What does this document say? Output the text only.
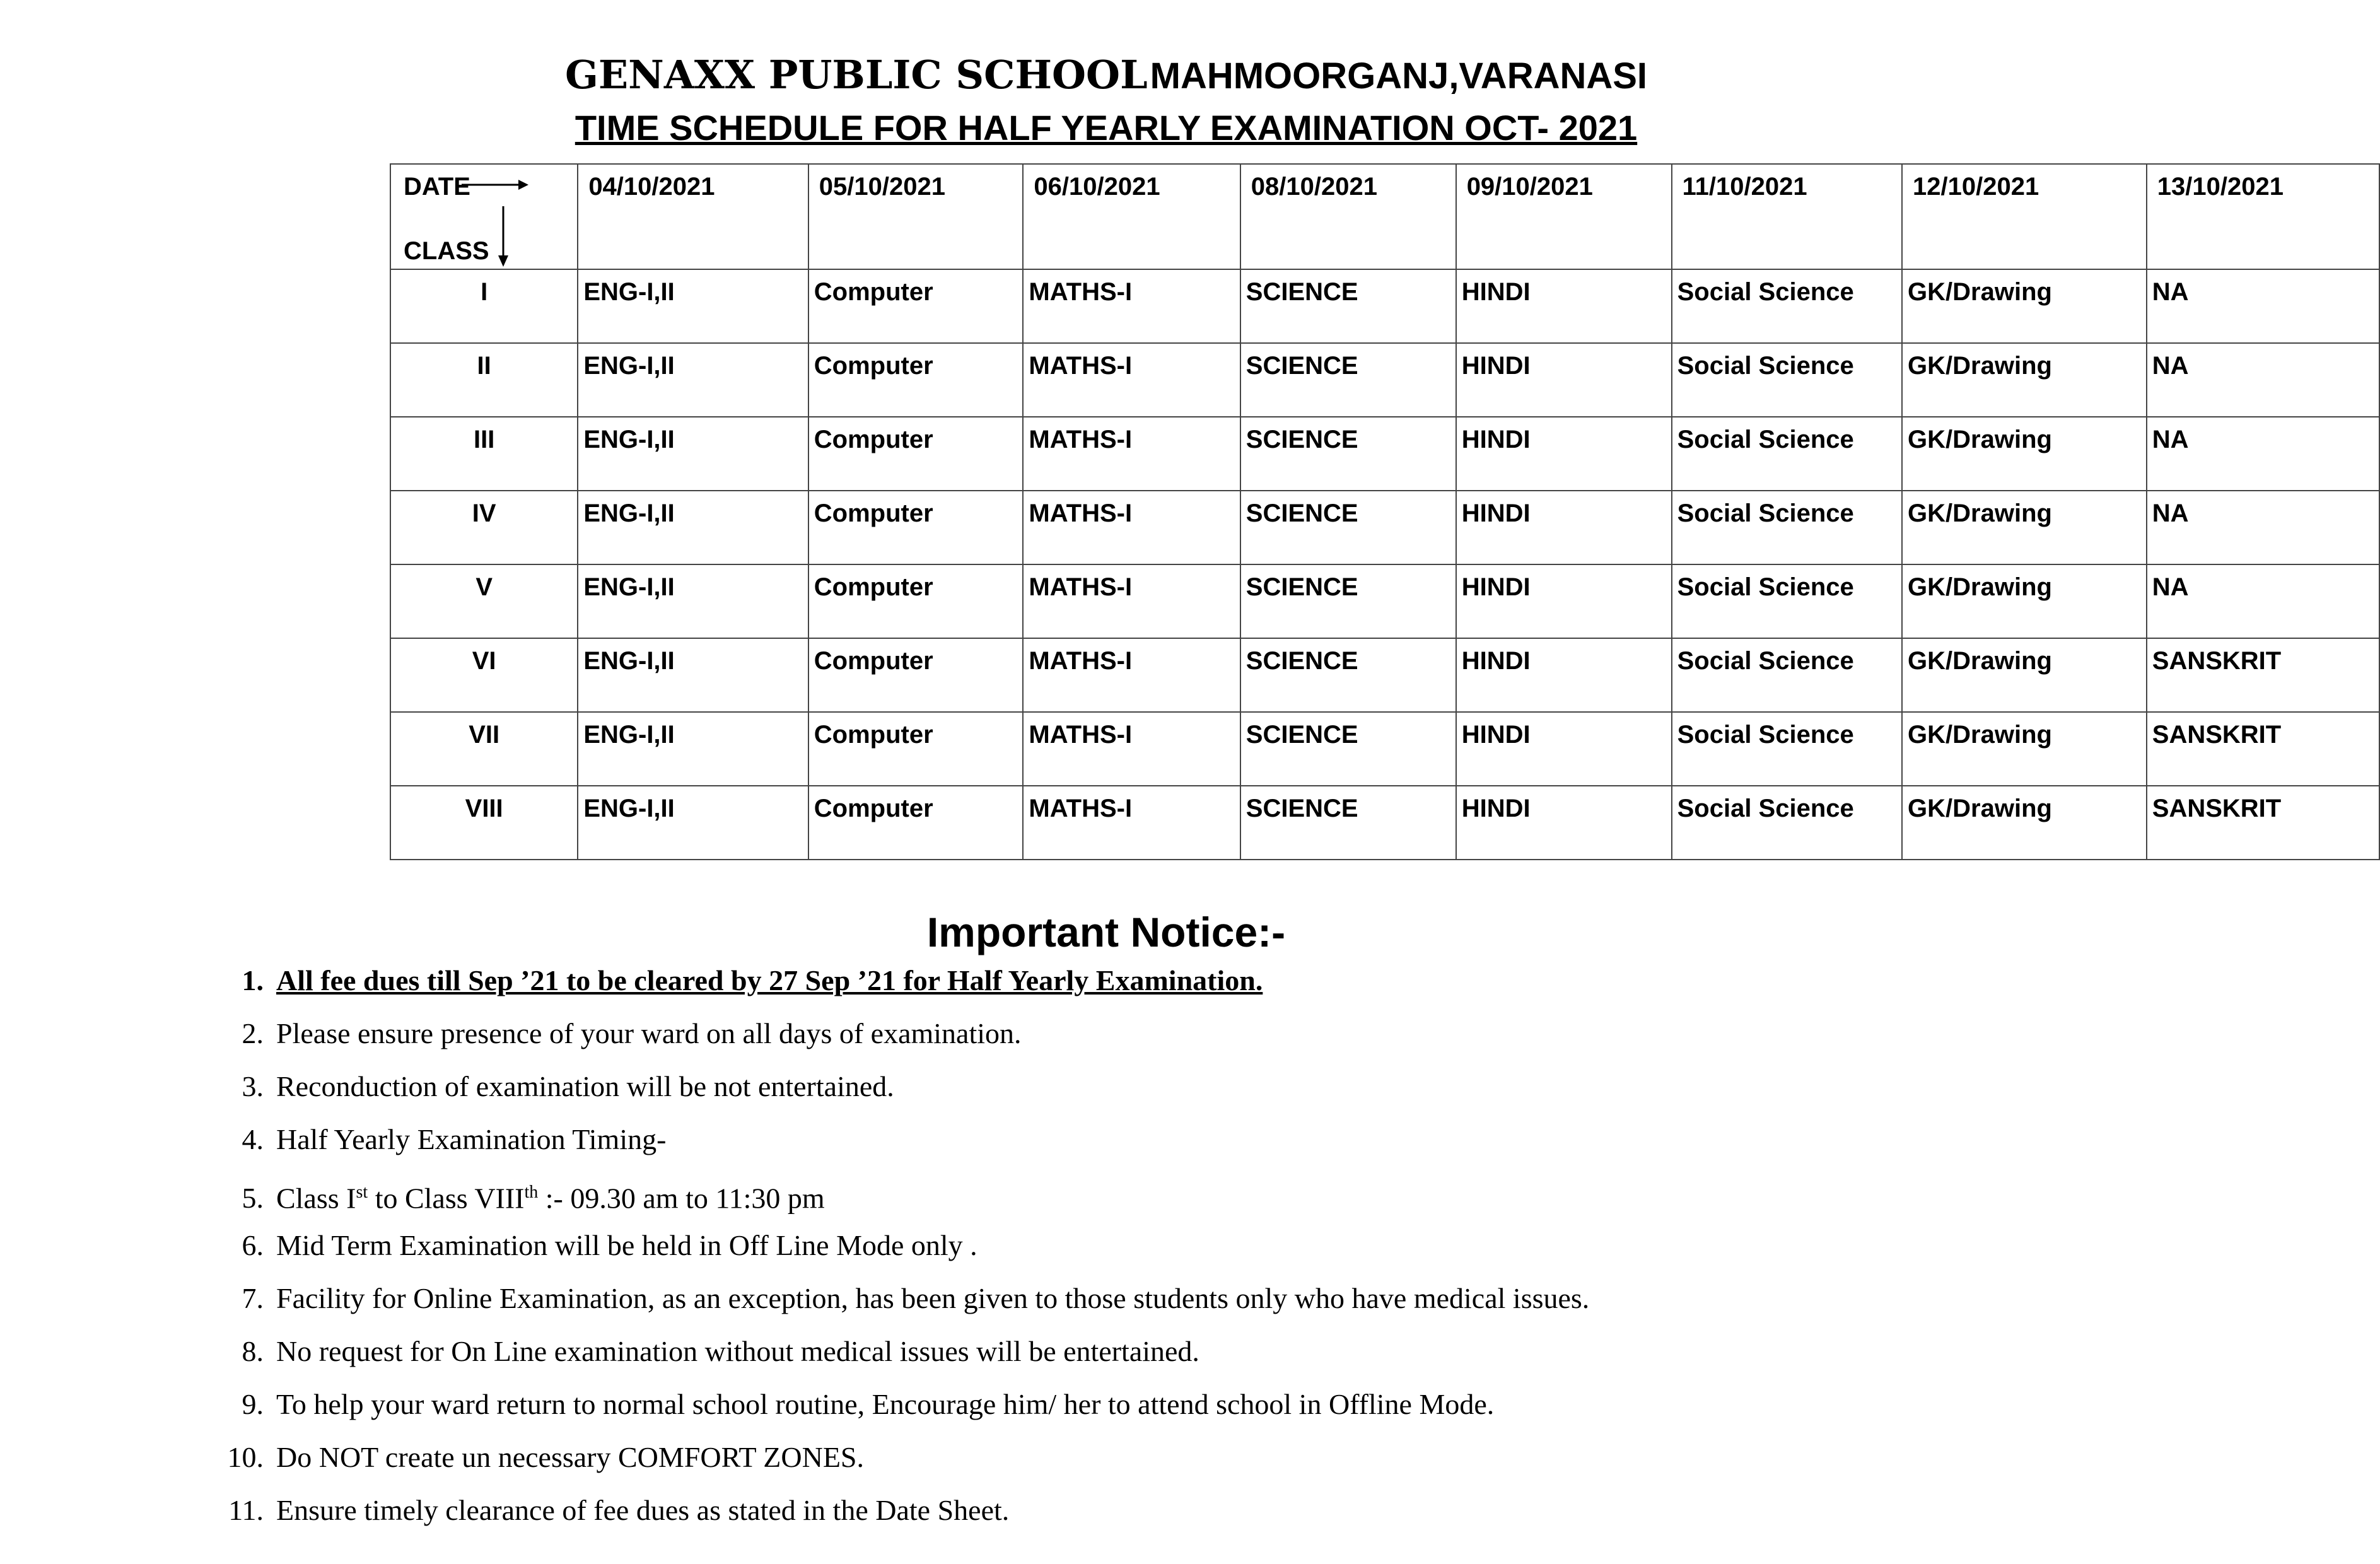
GENAXX PUBLIC SCHOOL MAHMOORGANJ,VARANASI
TIME SCHEDULE FOR HALF YEARLY EXAMINATION OCT- 2021
DATE
CLASS	04/10/2021	05/10/2021	06/10/2021	08/10/2021	09/10/2021	11/10/2021	12/10/2021	13/10/2021
I	ENG-I,II	Computer	MATHS-I	SCIENCE	HINDI	Social Science	GK/Drawing	NA
II	ENG-I,II	Computer	MATHS-I	SCIENCE	HINDI	Social Science	GK/Drawing	NA
III	ENG-I,II	Computer	MATHS-I	SCIENCE	HINDI	Social Science	GK/Drawing	NA
IV	ENG-I,II	Computer	MATHS-I	SCIENCE	HINDI	Social Science	GK/Drawing	NA
V	ENG-I,II	Computer	MATHS-I	SCIENCE	HINDI	Social Science	GK/Drawing	NA
VI	ENG-I,II	Computer	MATHS-I	SCIENCE	HINDI	Social Science	GK/Drawing	SANSKRIT
VII	ENG-I,II	Computer	MATHS-I	SCIENCE	HINDI	Social Science	GK/Drawing	SANSKRIT
VIII	ENG-I,II	Computer	MATHS-I	SCIENCE	HINDI	Social Science	GK/Drawing	SANSKRIT
Important Notice:-
1. All fee dues till Sep ’21 to be cleared by 27 Sep ’21 for Half Yearly Examination.
2. Please ensure presence of your ward on all days of examination.
3. Reconduction of examination will be not entertained.
4. Half Yearly Examination Timing-
5. Class Ist to Class VIIIth :- 09.30 am to 11:30 pm
6. Mid Term Examination will be held in Off Line Mode only .
7. Facility for Online Examination, as an exception, has been given to those students only who have medical issues.
8. No request for On Line examination without medical issues will be entertained.
9. To help your ward return to normal school routine, Encourage him/ her to attend school in Offline Mode.
10. Do NOT create un necessary COMFORT ZONES.
11. Ensure timely clearance of fee dues as stated in the Date Sheet.
